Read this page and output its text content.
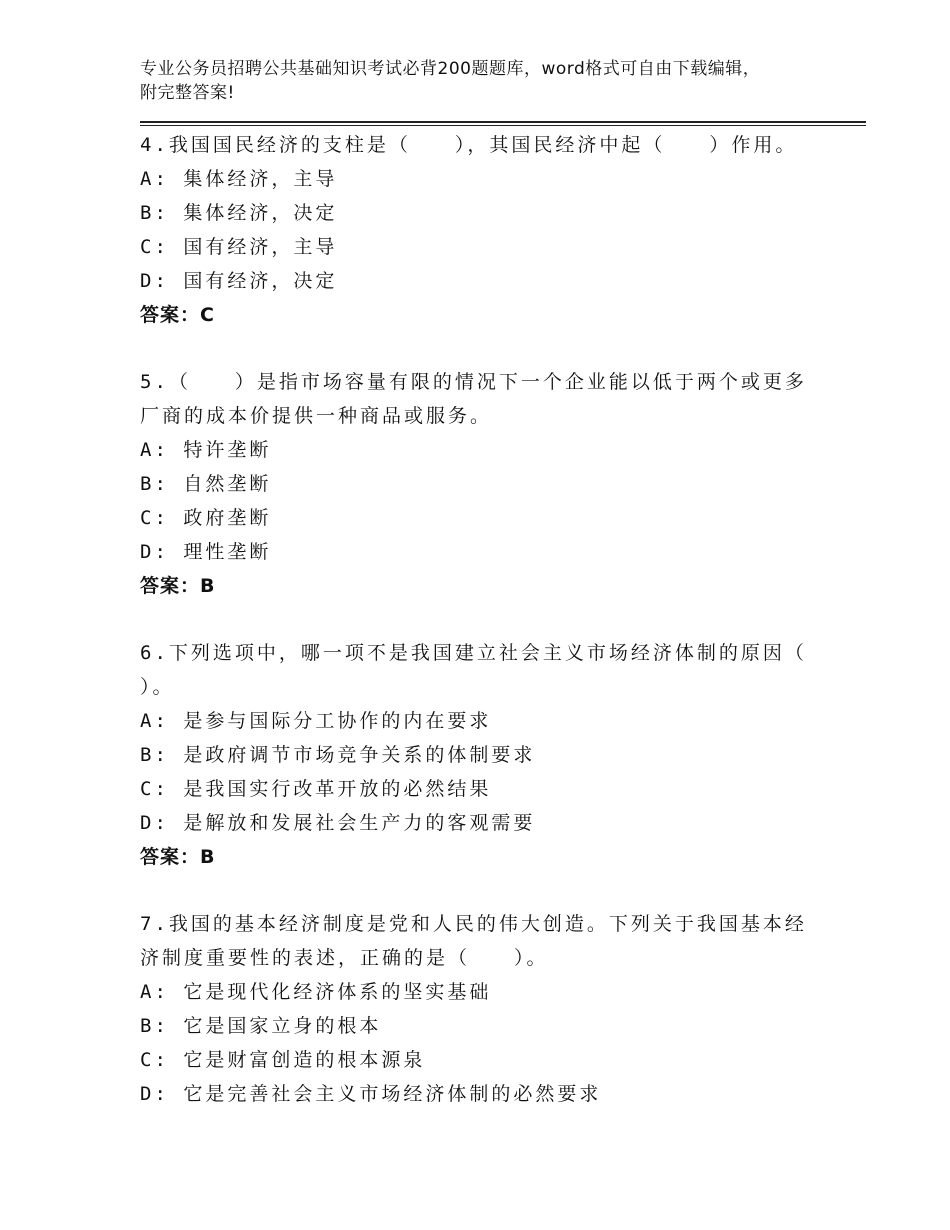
专业公务员招聘公共基础知识考试必背200题题库，word格式可自由下载编辑，
附完整答案!
4.我国国民经济的支柱是（　　），其国民经济中起（　　）作用。
A: 集体经济，主导
B: 集体经济，决定
C: 国有经济，主导
D: 国有经济，决定
答案：C
5.（　　）是指市场容量有限的情况下一个企业能以低于两个或更多
厂商的成本价提供一种商品或服务。
A: 特许垄断
B: 自然垄断
C: 政府垄断
D: 理性垄断
答案：B
6.下列选项中，哪一项不是我国建立社会主义市场经济体制的原因（
）。
A: 是参与国际分工协作的内在要求
B: 是政府调节市场竞争关系的体制要求
C: 是我国实行改革开放的必然结果
D: 是解放和发展社会生产力的客观需要
答案：B
7.我国的基本经济制度是党和人民的伟大创造。下列关于我国基本经
济制度重要性的表述，正确的是（　　）。
A: 它是现代化经济体系的坚实基础
B: 它是国家立身的根本
C: 它是财富创造的根本源泉
D: 它是完善社会主义市场经济体制的必然要求
